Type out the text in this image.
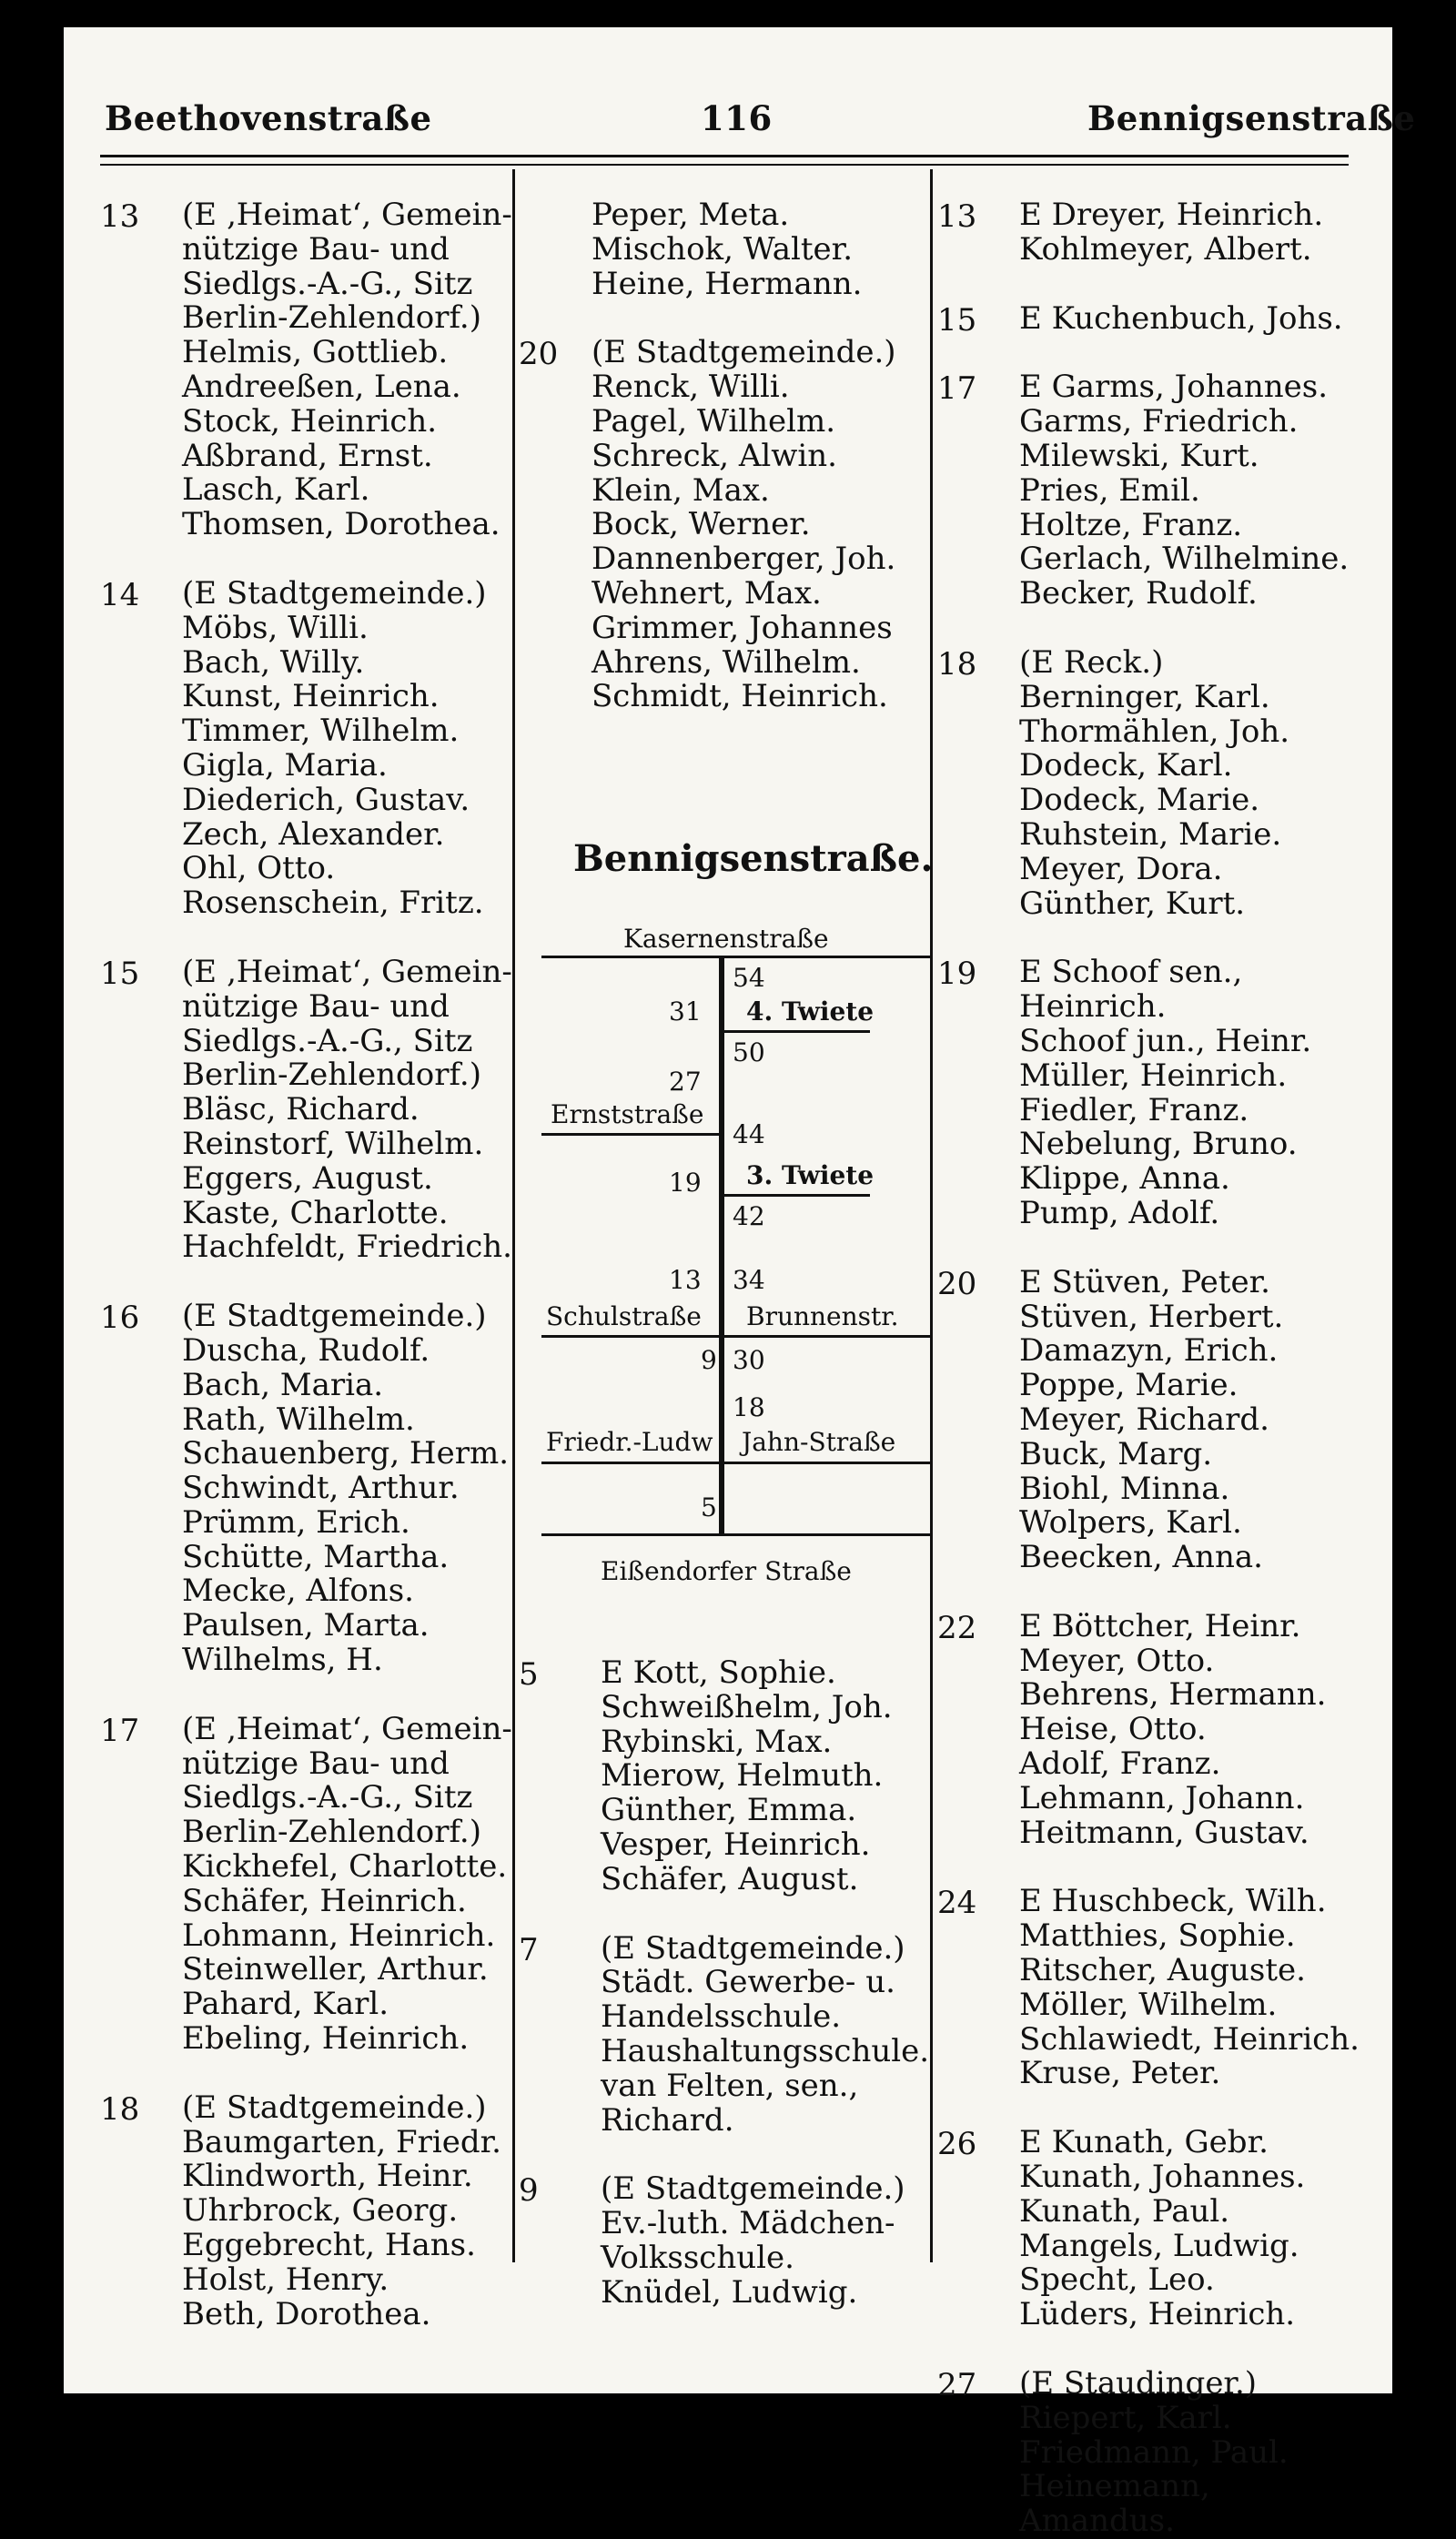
Beethovenstraße	116	Bennigsenstraße
13	(E ‚Heimat‘, Gemein-
nützige Bau- und
Siedlgs.-A.-G., Sitz
Berlin-Zehlendorf.)
Helmis, Gottlieb.
Andreeßen, Lena.
Stock, Heinrich.
Aßbrand, Ernst.
Lasch, Karl.
Thomsen, Dorothea.
14	(E Stadtgemeinde.)
Möbs, Willi.
Bach, Willy.
Kunst, Heinrich.
Timmer, Wilhelm.
Gigla, Maria.
Diederich, Gustav.
Zech, Alexander.
Ohl, Otto.
Rosenschein, Fritz.
15	(E ‚Heimat‘, Gemein-
nützige Bau- und
Siedlgs.-A.-G., Sitz
Berlin-Zehlendorf.)
Bläsc, Richard.
Reinstorf, Wilhelm.
Eggers, August.
Kaste, Charlotte.
Hachfeldt, Friedrich.
16	(E Stadtgemeinde.)
Duscha, Rudolf.
Bach, Maria.
Rath, Wilhelm.
Schauenberg, Herm.
Schwindt, Arthur.
Prümm, Erich.
Schütte, Martha.
Mecke, Alfons.
Paulsen, Marta.
Wilhelms, H.
17	(E ‚Heimat‘, Gemein-
nützige Bau- und
Siedlgs.-A.-G., Sitz
Berlin-Zehlendorf.)
Kickhefel, Charlotte.
Schäfer, Heinrich.
Lohmann, Heinrich.
Steinweller, Arthur.
Pahard, Karl.
Ebeling, Heinrich.
18	(E Stadtgemeinde.)
Baumgarten, Friedr.
Klindworth, Heinr.
Uhrbrock, Georg.
Eggebrecht, Hans.
Holst, Henry.
Beth, Dorothea.
Peper, Meta.
Mischok, Walter.
Heine, Hermann.
20	(E Stadtgemeinde.)
Renck, Willi.
Pagel, Wilhelm.
Schreck, Alwin.
Klein, Max.
Bock, Werner.
Dannenberger, Joh.
Wehnert, Max.
Grimmer, Johannes
Ahrens, Wilhelm.
Schmidt, Heinrich.
Bennigsenstraße.
Kasernenstraße
54
31 4. Twiete
50
27
Ernststraße
44
19 3. Twiete
42
13 34
Schulstraße Brunnenstr.
9 30
18
Friedr.-Ludw Jahn-Straße
5
Eißendorfer Straße
5	E Kott, Sophie.
Schweißhelm, Joh.
Rybinski, Max.
Mierow, Helmuth.
Günther, Emma.
Vesper, Heinrich.
Schäfer, August.
7	(E Stadtgemeinde.)
Städt. Gewerbe- u.
Handelsschule.
Haushaltungsschule.
van Felten, sen.,
Richard.
9	(E Stadtgemeinde.)
Ev.-luth. Mädchen-
Volksschule.
Knüdel, Ludwig.
13	E Dreyer, Heinrich.
Kohlmeyer, Albert.
15	E Kuchenbuch, Johs.
17	E Garms, Johannes.
Garms, Friedrich.
Milewski, Kurt.
Pries, Emil.
Holtze, Franz.
Gerlach, Wilhelmine.
Becker, Rudolf.
18	(E Reck.)
Berninger, Karl.
Thormählen, Joh.
Dodeck, Karl.
Dodeck, Marie.
Ruhstein, Marie.
Meyer, Dora.
Günther, Kurt.
19	E Schoof sen.,
Heinrich.
Schoof jun., Heinr.
Müller, Heinrich.
Fiedler, Franz.
Nebelung, Bruno.
Klippe, Anna.
Pump, Adolf.
20	E Stüven, Peter.
Stüven, Herbert.
Damazyn, Erich.
Poppe, Marie.
Meyer, Richard.
Buck, Marg.
Biohl, Minna.
Wolpers, Karl.
Beecken, Anna.
22	E Böttcher, Heinr.
Meyer, Otto.
Behrens, Hermann.
Heise, Otto.
Adolf, Franz.
Lehmann, Johann.
Heitmann, Gustav.
24	E Huschbeck, Wilh.
Matthies, Sophie.
Ritscher, Auguste.
Möller, Wilhelm.
Schlawiedt, Heinrich.
Kruse, Peter.
26	E Kunath, Gebr.
Kunath, Johannes.
Kunath, Paul.
Mangels, Ludwig.
Specht, Leo.
Lüders, Heinrich.
27	(E Staudinger.)
Riepert, Karl.
Friedmann, Paul.
Heinemann,
Amandus.
